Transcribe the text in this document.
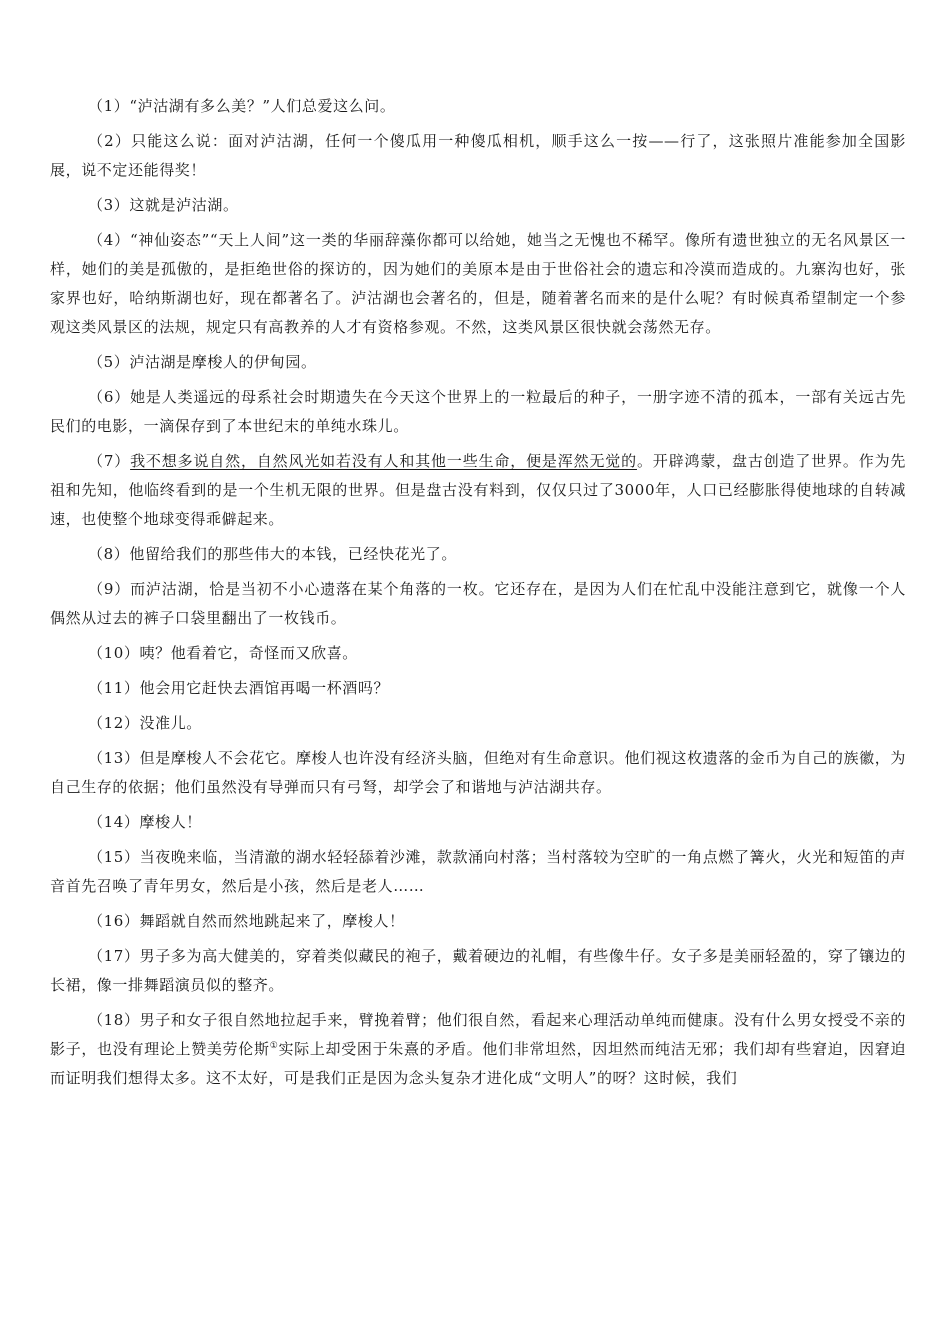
（1）“泸沽湖有多么美？”人们总爱这么问。

（2）只能这么说：面对泸沽湖，任何一个傻瓜用一种傻瓜相机，顺手这么一按——行了，这张照片准能参加全国影展，说不定还能得奖！

（3）这就是泸沽湖。

（4）“神仙姿态”“天上人间”这一类的华丽辞藻你都可以给她，她当之无愧也不稀罕。像所有遗世独立的无名风景区一样，她们的美是孤傲的，是拒绝世俗的探访的，因为她们的美原本是由于世俗社会的遗忘和冷漠而造成的。九寨沟也好，张家界也好，哈纳斯湖也好，现在都著名了。泸沽湖也会著名的，但是，随着著名而来的是什么呢？有时候真希望制定一个参观这类风景区的法规，规定只有高教养的人才有资格参观。不然，这类风景区很快就会荡然无存。

（5）泸沽湖是摩梭人的伊甸园。

（6）她是人类遥远的母系社会时期遗失在今天这个世界上的一粒最后的种子，一册字迹不清的孤本，一部有关远古先民们的电影，一滴保存到了本世纪末的单纯水珠儿。

（7）我不想多说自然，自然风光如若没有人和其他一些生命，便是浑然无觉的。开辟鸿蒙，盘古创造了世界。作为先祖和先知，他临终看到的是一个生机无限的世界。但是盘古没有料到，仅仅只过了3000年，人口已经膨胀得使地球的自转减速，也使整个地球变得乖僻起来。

（8）他留给我们的那些伟大的本钱，已经快花光了。

（9）而泸沽湖，恰是当初不小心遗落在某个角落的一枚。它还存在，是因为人们在忙乱中没能注意到它，就像一个人偶然从过去的裤子口袋里翻出了一枚钱币。

（10）咦？他看着它，奇怪而又欣喜。

（11）他会用它赶快去酒馆再喝一杯酒吗？

（12）没准儿。

（13）但是摩梭人不会花它。摩梭人也许没有经济头脑，但绝对有生命意识。他们视这枚遗落的金币为自己的族徽，为自己生存的依据；他们虽然没有导弹而只有弓弩，却学会了和谐地与泸沽湖共存。

（14）摩梭人！

（15）当夜晚来临，当清澈的湖水轻轻舔着沙滩，款款涌向村落；当村落较为空旷的一角点燃了篝火，火光和短笛的声音首先召唤了青年男女，然后是小孩，然后是老人……

（16）舞蹈就自然而然地跳起来了，摩梭人！

（17）男子多为高大健美的，穿着类似藏民的袍子，戴着硬边的礼帽，有些像牛仔。女子多是美丽轻盈的，穿了镶边的长裙，像一排舞蹈演员似的整齐。

（18）男子和女子很自然地拉起手来，臂挽着臂；他们很自然，看起来心理活动单纯而健康。没有什么男女授受不亲的影子，也没有理论上赞美劳伦斯①实际上却受困于朱熹的矛盾。他们非常坦然，因坦然而纯洁无邪；我们却有些窘迫，因窘迫而证明我们想得太多。这不太好，可是我们正是因为念头复杂才进化成“文明人”的呀？这时候，我们
